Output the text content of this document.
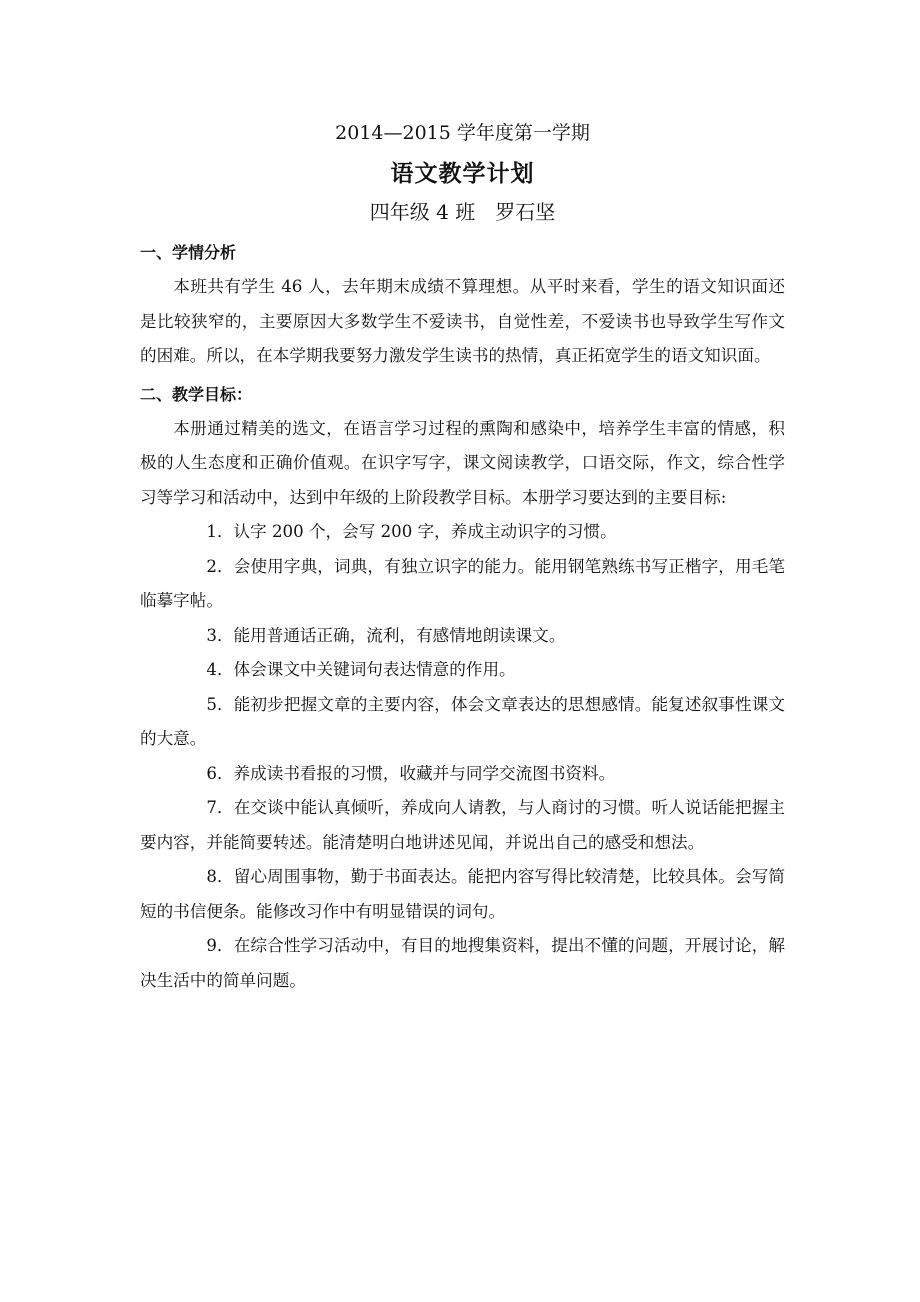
2014—2015 学年度第一学期

语文教学计划

四年级 4 班 罗石坚

一、学情分析

本班共有学生 46 人，去年期末成绩不算理想。从平时来看，学生的语文知识面还是比较狭窄的，主要原因大多数学生不爱读书，自觉性差，不爱读书也导致学生写作文的困难。所以，在本学期我要努力激发学生读书的热情，真正拓宽学生的语文知识面。

二、教学目标：

本册通过精美的选文，在语言学习过程的熏陶和感染中，培养学生丰富的情感，积极的人生态度和正确价值观。在识字写字，课文阅读教学，口语交际，作文，综合性学习等学习和活动中，达到中年级的上阶段教学目标。本册学习要达到的主要目标:

1．认字 200 个，会写 200 字，养成主动识字的习惯。

2．会使用字典，词典，有独立识字的能力。能用钢笔熟练书写正楷字，用毛笔临摹字帖。

3．能用普通话正确，流利，有感情地朗读课文。

4．体会课文中关键词句表达情意的作用。

5．能初步把握文章的主要内容，体会文章表达的思想感情。能复述叙事性课文的大意。

6．养成读书看报的习惯，收藏并与同学交流图书资料。

7．在交谈中能认真倾听，养成向人请教，与人商讨的习惯。听人说话能把握主要内容，并能简要转述。能清楚明白地讲述见闻，并说出自己的感受和想法。

8．留心周围事物，勤于书面表达。能把内容写得比较清楚，比较具体。会写简短的书信便条。能修改习作中有明显错误的词句。

9．在综合性学习活动中，有目的地搜集资料，提出不懂的问题，开展讨论，解决生活中的简单问题。
